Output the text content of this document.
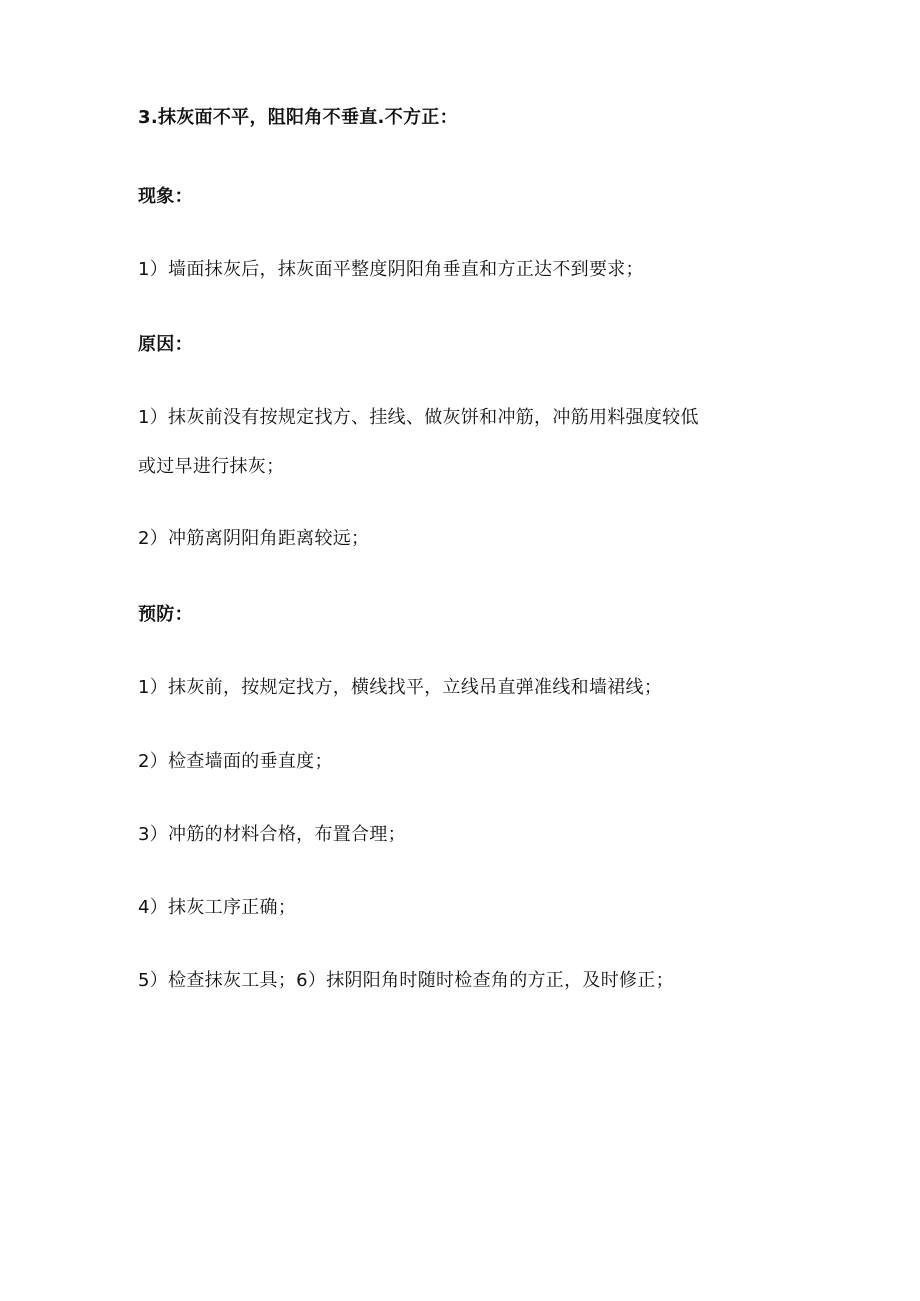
3.抹灰面不平，阻阳角不垂直.不方正：
现象：
1）墙面抹灰后，抹灰面平整度阴阳角垂直和方正达不到要求；
原因：
1）抹灰前没有按规定找方、挂线、做灰饼和冲筋，冲筋用料强度较低
或过早进行抹灰；
2）冲筋离阴阳角距离较远；
预防：
1）抹灰前，按规定找方，横线找平，立线吊直弹准线和墙裙线；
2）检查墙面的垂直度；
3）冲筋的材料合格，布置合理；
4）抹灰工序正确；
5）检查抹灰工具；6）抹阴阳角时随时检查角的方正，及时修正；
